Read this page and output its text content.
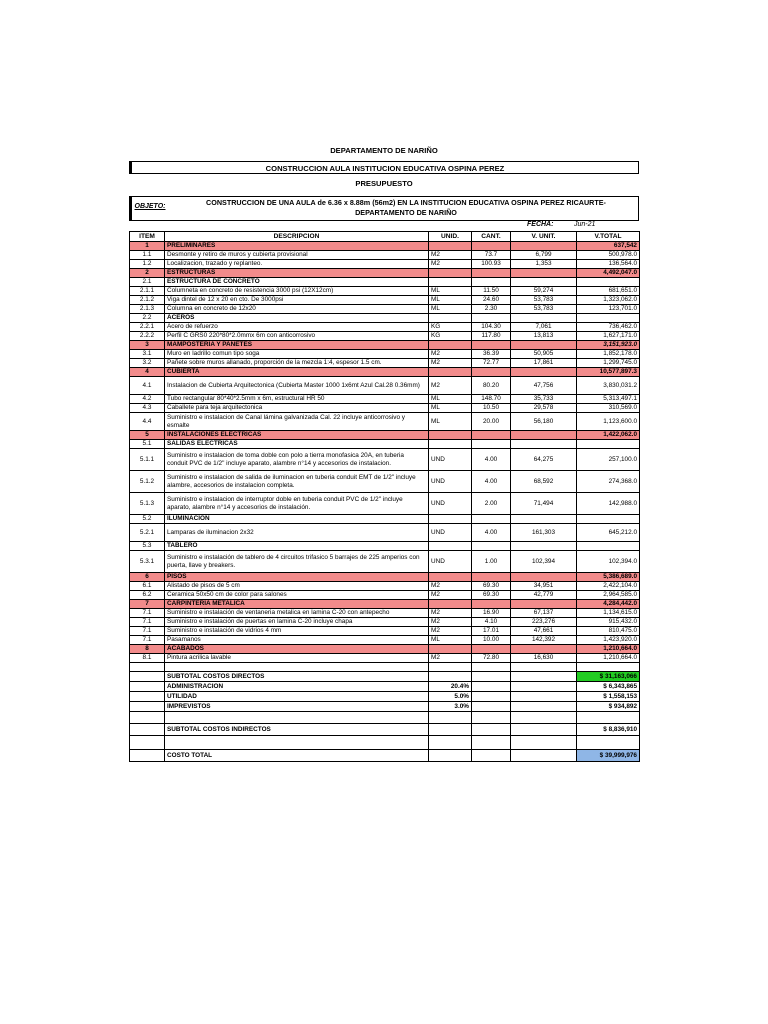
DEPARTAMENTO DE NARIÑO
CONSTRUCCION AULA INSTITUCION EDUCATIVA OSPINA PEREZ
PRESUPUESTO
OBJETO:	CONSTRUCCION DE UNA AULA de 6.36 x 8.88m (56m2) EN LA INSTITUCION EDUCATIVA OSPINA PEREZ RICAURTE- DEPARTAMENTO DE NARIÑO
FECHA:	Jun-21
ITEM	DESCRIPCION	UNID.	CANT.	V. UNIT.	V.TOTAL
1	PRELIMINARES				637,542
1.1	Desmonte y retiro de muros y cubierta provisional	M2	73.7	6,799	500,978.0
1.2	Localizacion, trazado y replanteo.	M2	100.93	1,353	136,564.0
2	ESTRUCTURAS				4,492,047.0
2.1	ESTRUCTURA DE CONCRETO				
2.1.1	Columneta en concreto de resistencia 3000 psi (12X12cm)	ML	11.50	59,274	681,651.0
2.1.2	Viga dintel de 12 x 20 en cto. De 3000psi	ML	24.60	53,783	1,323,062.0
2.1.3	Columna en concreto de 12x20	ML	2.30	53,783	123,701.0
2.2	ACEROS				
2.2.1	Acero de refuerzo	KG	104.30	7,061	736,462.0
2.2.2	Perfil C GRS0 220*80*2.0mmx 6m con anticorrosivo	KG	117.80	13,813	1,627,171.0
3	MAMPOSTERIA Y PAÑETES				3,151,923.0
3.1	Muro en ladrillo comun tipo soga	M2	36.39	50,905	1,852,178.0
3.2	Pañete sobre muros allanado, proporción de la mezcla 1:4, espesor 1.5 cm.	M2	72.77	17,861	1,299,745.0
4	CUBIERTA				10,577,897.3
4.1	Instalacion de Cubierta Arquitectonica (Cubierta Master 1000 1x6mt Azul Cal.28 0.36mm)	M2	80.20	47,756	3,830,031.2
4.2	Tubo rectangular 80*40*2.5mm x 6m, estructural HR 50	ML	148.70	35,733	5,313,497.1
4.3	Caballete para teja arquitectonica	ML	10.50	29,578	310,569.0
4.4	Suministro e instalacion de Canal lámina galvanizada Cal. 22 incluye anticorrosivo y esmalte	ML	20.00	56,180	1,123,600.0
5	INSTALACIONES ELECTRICAS				1,422,062.0
5.1	SALIDAS ELECTRICAS				
5.1.1	Suministro e instalacion de toma doble con polo a tierra monofasica 20A, en tuberia conduit PVC de 1/2" incluye aparato, alambre n°14 y accesorios de instalacion.	UND	4.00	64,275	257,100.0
5.1.2	Suministro e instalacion de salida de iluminacion en tuberia conduit EMT de 1/2" incluye alambre, accesorios de instalacion completa.	UND	4.00	68,592	274,368.0
5.1.3	Suministro e instalacion de interruptor doble en tuberia conduit PVC de 1/2" incluye aparato, alambre n°14 y accesorios de instalación.	UND	2.00	71,494	142,988.0
5.2	ILUMINACION				
5.2.1	Lamparas de iluminacion 2x32	UND	4.00	161,303	645,212.0
5.3	TABLERO				
5.3.1	Suministro e instalación de tablero de 4 circuitos trifasico 5 barrajes de 225 amperios con puerta, llave y breakers.	UND	1.00	102,394	102,394.0
6	PISOS				5,386,689.0
6.1	Alistado de pisos de 5 cm	M2	69.30	34,951	2,422,104.0
6.2	Ceramica 50x50 cm de color para salones	M2	69.30	42,779	2,964,585.0
7	CARPINTERIA METALICA				4,284,442.0
7.1	Suministro e instalación de ventaneria metalica en lamina C-20 con antepecho	M2	16.90	67,137	1,134,615.0
7.1	Suministro e instalación de puertas en lamina C-20 incluye chapa	M2	4.10	223,276	915,432.0
7.1	Suministro e instalación de vidrios 4 mm	M2	17.01	47,661	810,475.0
7.1	Pasamanos	ML	10.00	142,392	1,423,920.0
8	ACABADOS				1,210,664.0
8.1	Pintura acrilica lavable	M2	72.80	16,630	1,210,664.0

	SUBTOTAL COSTOS DIRECTOS				$ 31,163,066
	ADMINISTRACION	20.4%			$ 6,343,865
	UTILIDAD	5.0%			$ 1,558,153
	IMPREVISTOS	3.0%			$ 934,892

	SUBTOTAL COSTOS INDIRECTOS				$ 8,836,910

	COSTO TOTAL				$ 39,999,976
